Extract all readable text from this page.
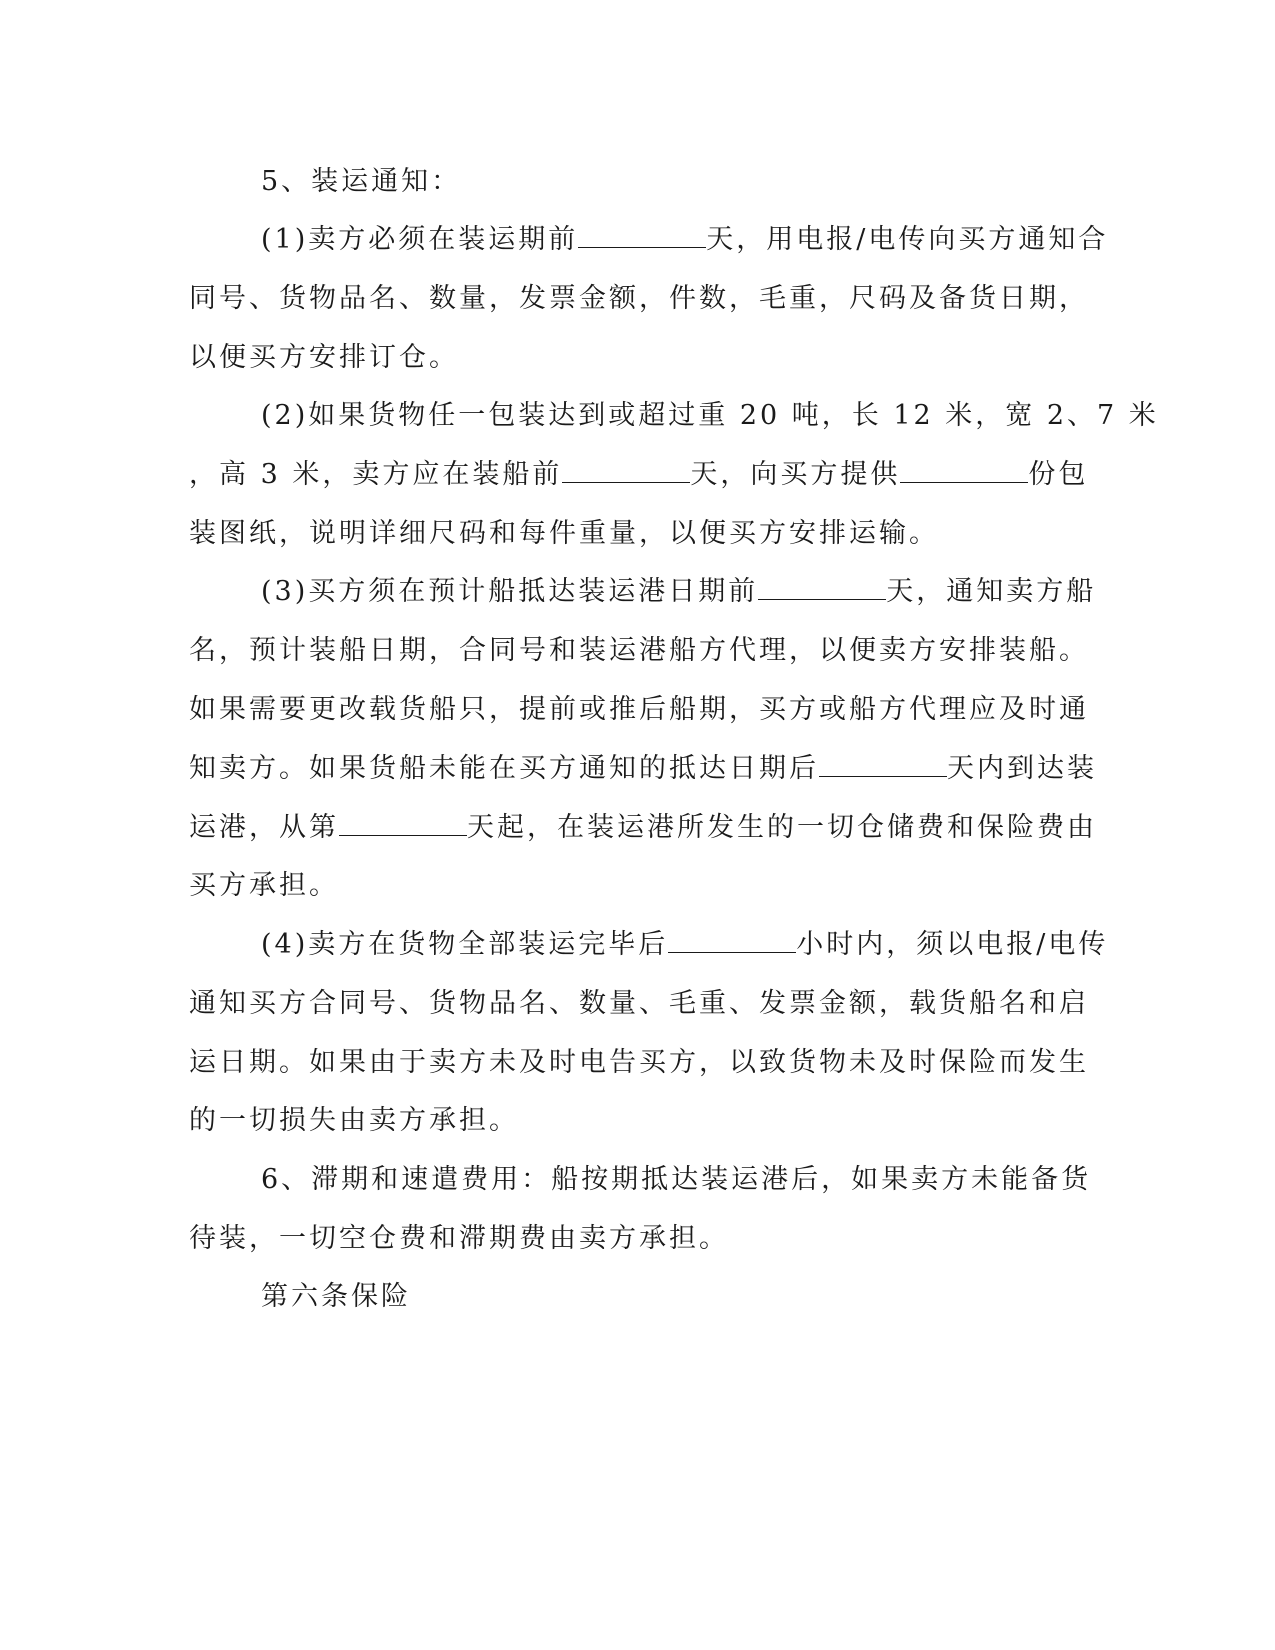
5、装运通知：
(1)卖方必须在装运期前	天，用电报/电传向买方通知合
同号、货物品名、数量，发票金额，件数，毛重，尺码及备货日期，
以便买方安排订仓。
(2)如果货物任一包装达到或超过重 20 吨，长 12 米，宽 2、7 米
，高 3 米，卖方应在装船前	天，向买方提供	份包
装图纸，说明详细尺码和每件重量，以便买方安排运输。
(3)买方须在预计船抵达装运港日期前	天，通知卖方船
名，预计装船日期，合同号和装运港船方代理，以便卖方安排装船。
如果需要更改载货船只，提前或推后船期，买方或船方代理应及时通
知卖方。如果货船未能在买方通知的抵达日期后	天内到达装
运港，从第	天起，在装运港所发生的一切仓储费和保险费由
买方承担。
(4)卖方在货物全部装运完毕后	小时内，须以电报/电传
通知买方合同号、货物品名、数量、毛重、发票金额，载货船名和启
运日期。如果由于卖方未及时电告买方，以致货物未及时保险而发生
的一切损失由卖方承担。
6、滞期和速遣费用：船按期抵达装运港后，如果卖方未能备货
待装，一切空仓费和滞期费由卖方承担。
第六条保险
